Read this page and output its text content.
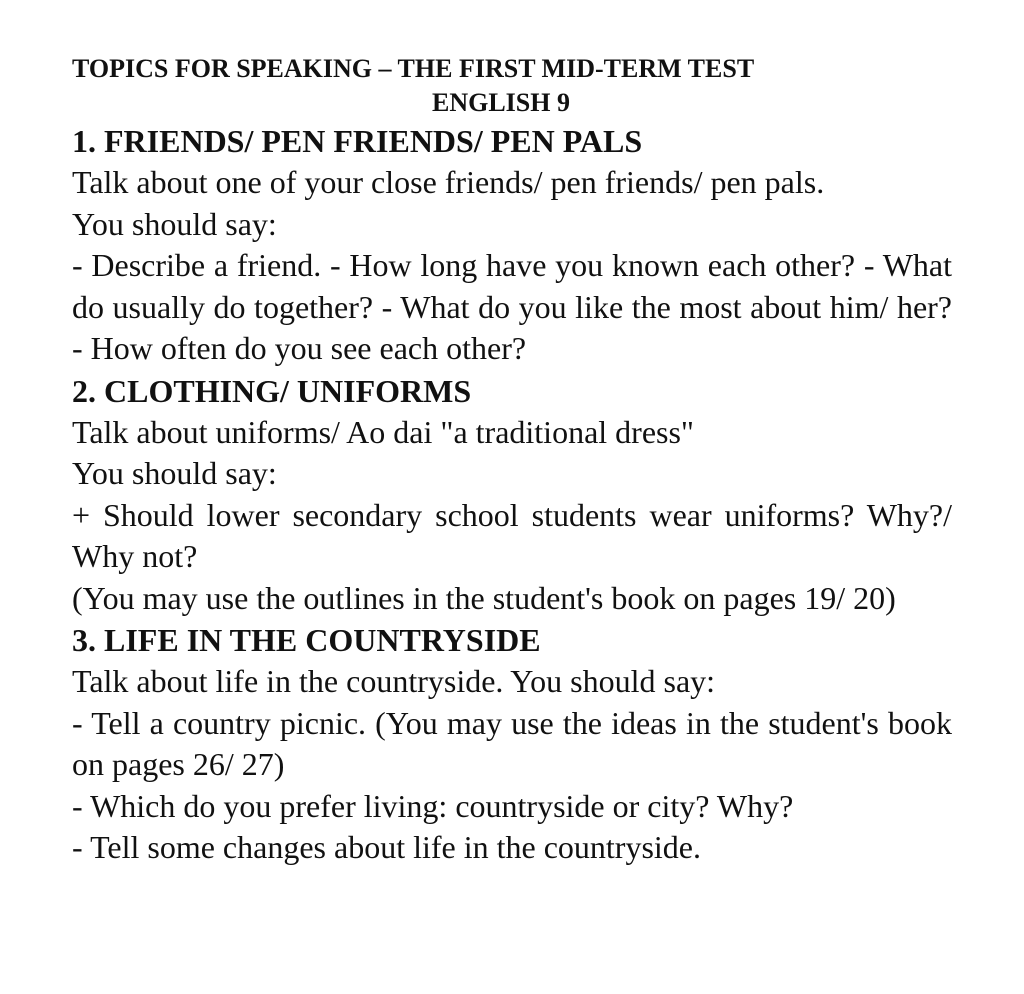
TOPICS FOR SPEAKING – THE FIRST MID-TERM TEST

ENGLISH 9

1. FRIENDS/ PEN FRIENDS/ PEN PALS

Talk about one of your close friends/ pen friends/ pen pals.

You should say:

- Describe a friend. - How long have you known each other? - What do usually do together? - What do you like the most about him/ her? - How often do you see each other?

2. CLOTHING/ UNIFORMS

Talk about uniforms/ Ao dai "a traditional dress"

You should say:

+ Should lower secondary school students wear uniforms? Why?/ Why not?

(You may use the outlines in the student's book on pages 19/ 20)

3. LIFE IN THE COUNTRYSIDE

Talk about life in the countryside. You should say:

- Tell a country picnic. (You may use the ideas in the student's book on pages 26/ 27)

- Which do you prefer living: countryside or city? Why?

- Tell some changes about life in the countryside.
